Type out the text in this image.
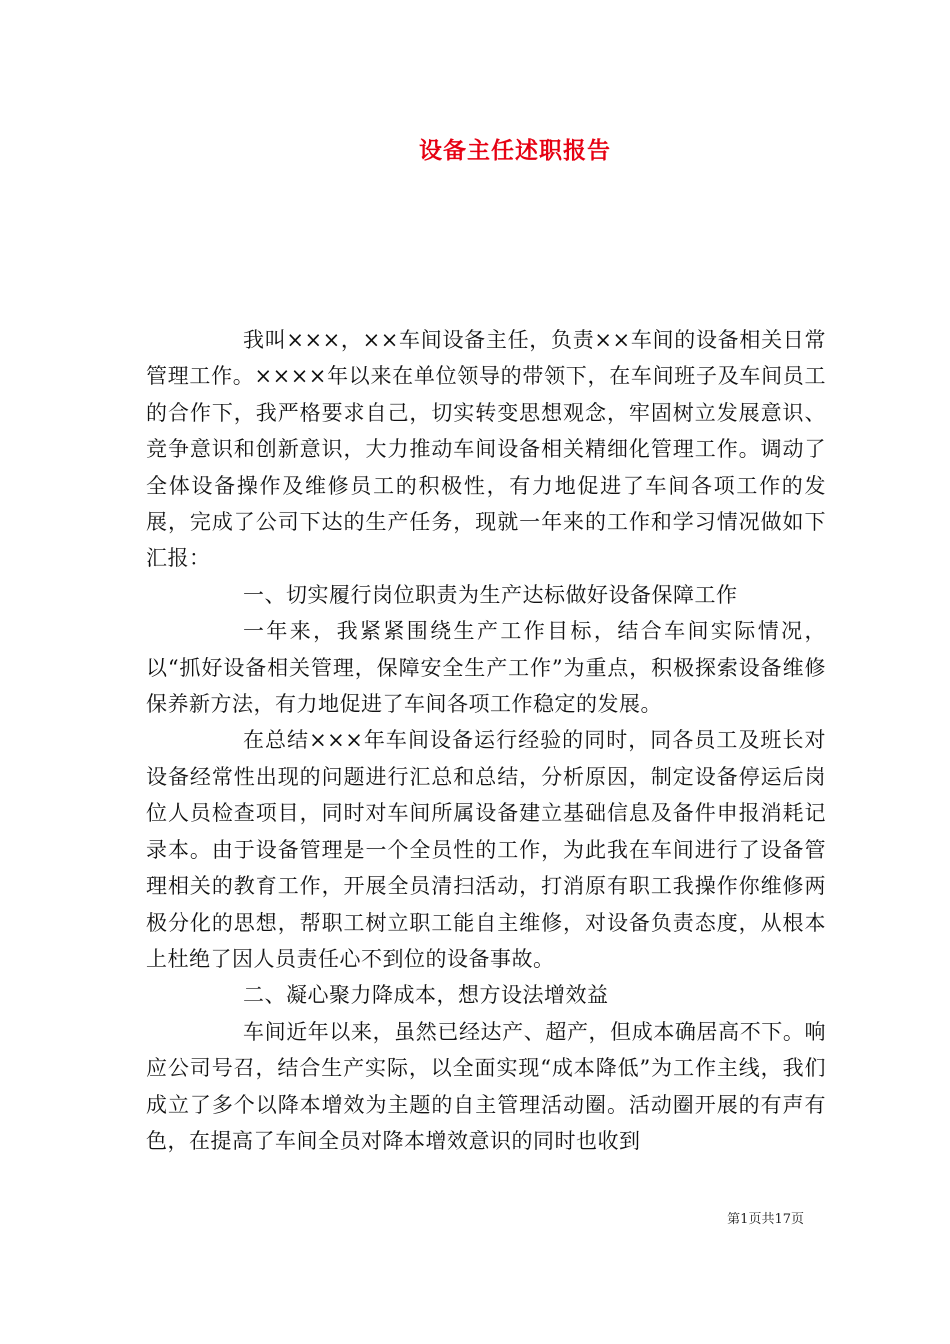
设备主任述职报告

我叫×××，××车间设备主任，负责××车间的设备相关日常管理工作。××××年以来在单位领导的带领下，在车间班子及车间员工的合作下，我严格要求自己，切实转变思想观念，牢固树立发展意识、竞争意识和创新意识，大力推动车间设备相关精细化管理工作。调动了全体设备操作及维修员工的积极性，有力地促进了车间各项工作的发展，完成了公司下达的生产任务，现就一年来的工作和学习情况做如下汇报：

一、切实履行岗位职责为生产达标做好设备保障工作

一年来，我紧紧围绕生产工作目标，结合车间实际情况，以“抓好设备相关管理，保障安全生产工作”为重点，积极探索设备维修保养新方法，有力地促进了车间各项工作稳定的发展。

在总结×××年车间设备运行经验的同时，同各员工及班长对设备经常性出现的问题进行汇总和总结，分析原因，制定设备停运后岗位人员检查项目，同时对车间所属设备建立基础信息及备件申报消耗记录本。由于设备管理是一个全员性的工作，为此我在车间进行了设备管理相关的教育工作，开展全员清扫活动，打消原有职工我操作你维修两极分化的思想，帮职工树立职工能自主维修，对设备负责态度，从根本上杜绝了因人员责任心不到位的设备事故。

二、凝心聚力降成本，想方设法增效益

车间近年以来，虽然已经达产、超产，但成本确居高不下。响应公司号召，结合生产实际，以全面实现“成本降低”为工作主线，我们成立了多个以降本增效为主题的自主管理活动圈。活动圈开展的有声有色，在提高了车间全员对降本增效意识的同时也收到

第1页共17页
